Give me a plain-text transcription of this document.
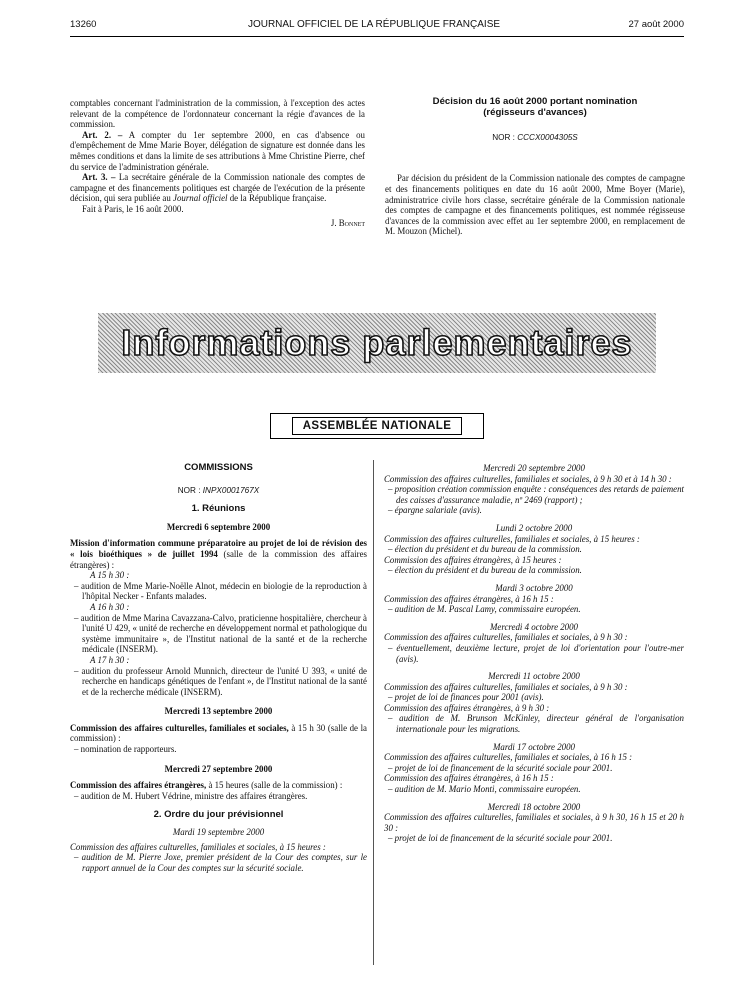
13260	JOURNAL OFFICIEL DE LA RÉPUBLIQUE FRANÇAISE	27 août 2000

comptables concernant l'administration de la commission, à l'exception des actes relevant de la compétence de l'ordonnateur concernant la régie d'avances de la commission.

Art. 2. – A compter du 1er septembre 2000, en cas d'absence ou d'empêchement de Mme Marie Boyer, délégation de signature est donnée dans les mêmes conditions et dans la limite de ses attributions à Mme Christine Pierre, chef du service de l'administration générale.

Art. 3. – La secrétaire générale de la Commission nationale des comptes de campagne et des financements politiques est chargée de l'exécution de la présente décision, qui sera publiée au Journal officiel de la République française.

Fait à Paris, le 16 août 2000.

J. Bonnet

Décision du 16 août 2000 portant nomination (régisseurs d'avances)

NOR : CCCX0004305S

Par décision du président de la Commission nationale des comptes de campagne et des financements politiques en date du 16 août 2000, Mme Boyer (Marie), administratrice civile hors classe, secrétaire générale de la Commission nationale des comptes de campagne et des financements politiques, est nommée régisseuse d'avances de la commission avec effet au 1er septembre 2000, en remplacement de M. Mouzon (Michel).

Informations parlementaires
ASSEMBLÉE NATIONALE

COMMISSIONS

NOR : INPX0001767X

1. Réunions

Mercredi 6 septembre 2000

Mission d'information commune préparatoire au projet de loi de révision des « lois bioéthiques » de juillet 1994 (salle de la commission des affaires étrangères) :

A 15 h 30 :

– audition de Mme Marie-Noëlle Alnot, médecin en biologie de la reproduction à l'hôpital Necker - Enfants malades.

A 16 h 30 :

– audition de Mme Marina Cavazzana-Calvo, praticienne hospitalière, chercheur à l'unité U 429, « unité de recherche en développement normal et pathologique du système immunitaire », de l'Institut national de la santé et de la recherche médicale (INSERM).

A 17 h 30 :

– audition du professeur Arnold Munnich, directeur de l'unité U 393, « unité de recherche en handicaps génétiques de l'enfant », de l'Institut national de la santé et de la recherche médicale (INSERM).

Mercredi 13 septembre 2000

Commission des affaires culturelles, familiales et sociales, à 15 h 30 (salle de la commission) :

– nomination de rapporteurs.

Mercredi 27 septembre 2000

Commission des affaires étrangères, à 15 heures (salle de la commission) :

– audition de M. Hubert Védrine, ministre des affaires étrangères.

2. Ordre du jour prévisionnel

Mardi 19 septembre 2000

Commission des affaires culturelles, familiales et sociales, à 15 heures :

– audition de M. Pierre Joxe, premier président de la Cour des comptes, sur le rapport annuel de la Cour des comptes sur la sécurité sociale.

Mercredi 20 septembre 2000

Commission des affaires culturelles, familiales et sociales, à 9 h 30 et à 14 h 30 :

– proposition création commission enquête : conséquences des retards de paiement des caisses d'assurance maladie, nº 2469 (rapport) ;

– épargne salariale (avis).

Lundi 2 octobre 2000

Commission des affaires culturelles, familiales et sociales, à 15 heures :

– élection du président et du bureau de la commission.

Commission des affaires étrangères, à 15 heures :

– élection du président et du bureau de la commission.

Mardi 3 octobre 2000

Commission des affaires étrangères, à 16 h 15 :

– audition de M. Pascal Lamy, commissaire européen.

Mercredi 4 octobre 2000

Commission des affaires culturelles, familiales et sociales, à 9 h 30 :

– éventuellement, deuxième lecture, projet de loi d'orientation pour l'outre-mer (avis).

Mercredi 11 octobre 2000

Commission des affaires culturelles, familiales et sociales, à 9 h 30 :

– projet de loi de finances pour 2001 (avis).

Commission des affaires étrangères, à 9 h 30 :

– audition de M. Brunson McKinley, directeur général de l'organisation internationale pour les migrations.

Mardi 17 octobre 2000

Commission des affaires culturelles, familiales et sociales, à 16 h 15 :

– projet de loi de financement de la sécurité sociale pour 2001.

Commission des affaires étrangères, à 16 h 15 :

– audition de M. Mario Monti, commissaire européen.

Mercredi 18 octobre 2000

Commission des affaires culturelles, familiales et sociales, à 9 h 30, 16 h 15 et 20 h 30 :

– projet de loi de financement de la sécurité sociale pour 2001.
